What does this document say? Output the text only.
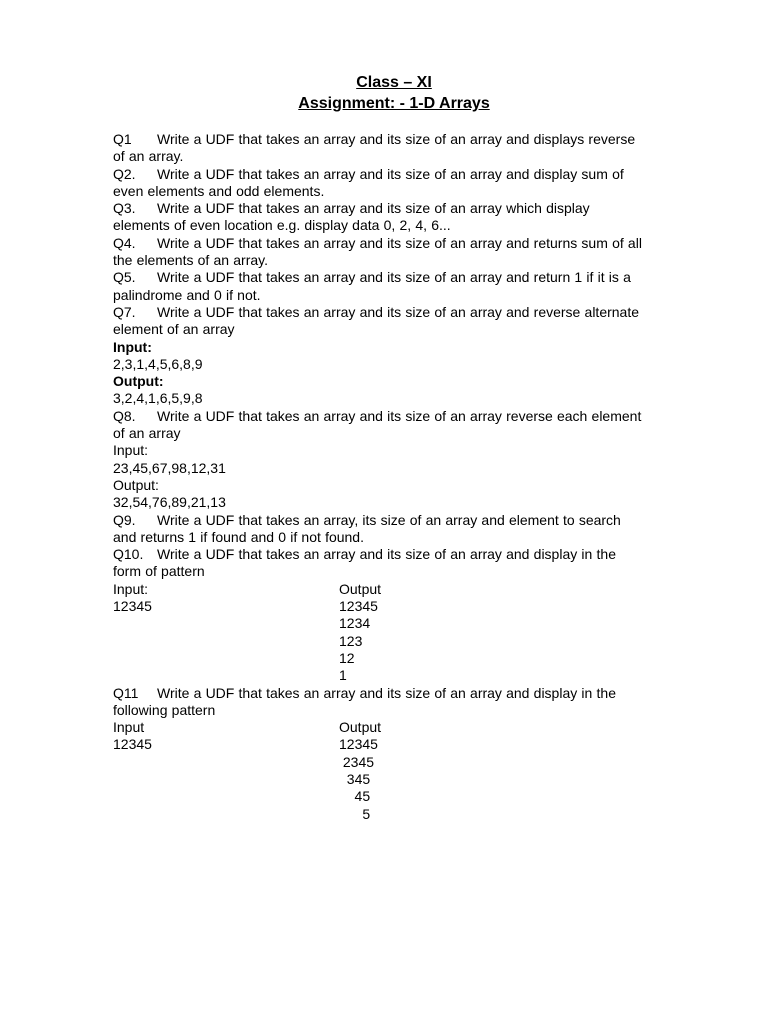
Class – XI
Assignment: - 1-D Arrays

Q1 Write a UDF that takes an array and its size of an array and displays reverse

of an array.

Q2. Write a UDF that takes an array and its size of an array and display sum of

even elements and odd elements.

Q3. Write a UDF that takes an array and its size of an array which display

elements of even location e.g. display data 0, 2, 4, 6...

Q4. Write a UDF that takes an array and its size of an array and returns sum of all

the elements of an array.

Q5. Write a UDF that takes an array and its size of an array and return 1 if it is a

palindrome and 0 if not.

Q7. Write a UDF that takes an array and its size of an array and reverse alternate

element of an array

Input:

2,3,1,4,5,6,8,9

Output:

3,2,4,1,6,5,9,8

Q8. Write a UDF that takes an array and its size of an array reverse each element

of an array

Input:

23,45,67,98,12,31

Output:

32,54,76,89,21,13

Q9. Write a UDF that takes an array, its size of an array and element to search

and returns 1 if found and 0 if not found.

Q10. Write a UDF that takes an array and its size of an array and display in the

form of pattern

Input:	Output
12345	12345
1234
123
12
1

Q11 Write a UDF that takes an array and its size of an array and display in the

following pattern

Input	Output
12345	12345
2345
345
45
5
